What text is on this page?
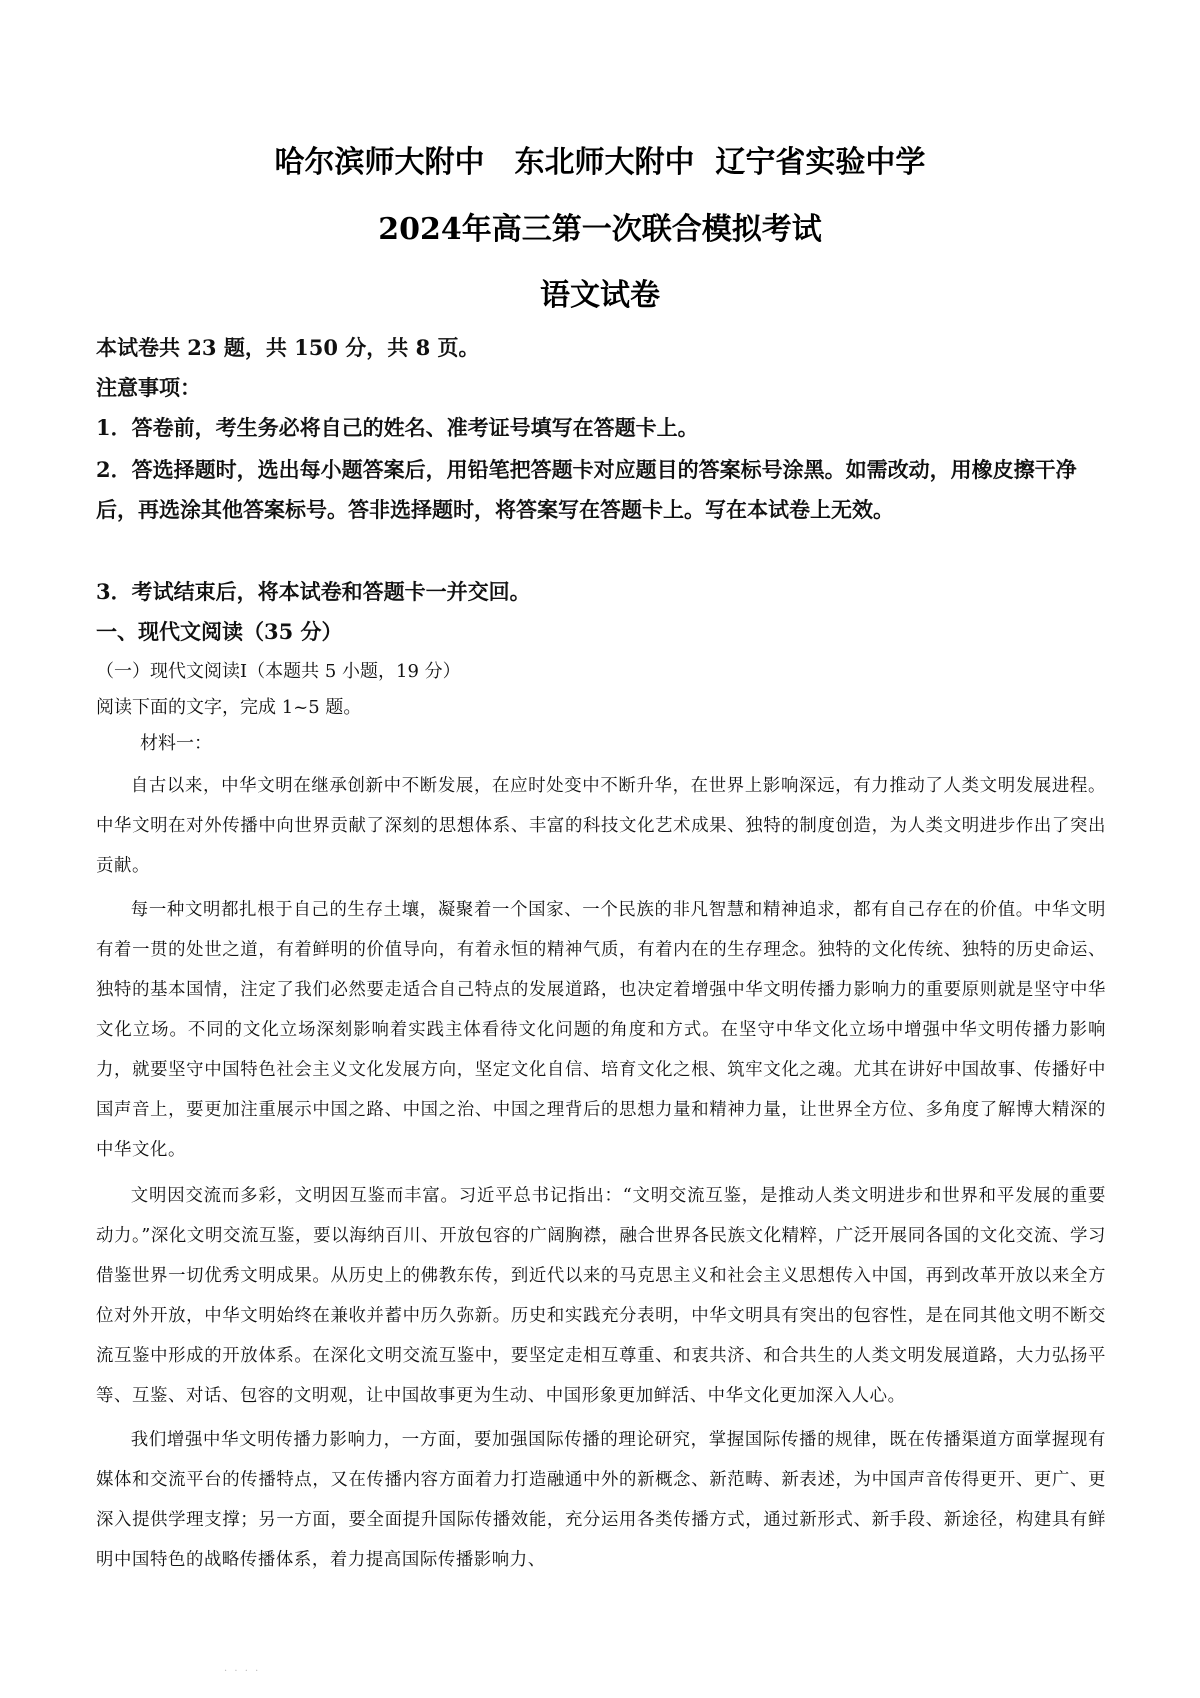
哈尔滨师大附中　东北师大附中  辽宁省实验中学
2024年高三第一次联合模拟考试
语文试卷

本试卷共 23 题，共 150 分，共 8 页。

注意事项：

1．答卷前，考生务必将自己的姓名、准考证号填写在答题卡上。

2．答选择题时，选出每小题答案后，用铅笔把答题卡对应题目的答案标号涂黑。如需改动，用橡皮擦干净后，再选涂其他答案标号。答非选择题时，将答案写在答题卡上。写在本试卷上无效。

3．考试结束后，将本试卷和答题卡一并交回。

一、现代文阅读（35 分）

（一）现代文阅读Ⅰ（本题共 5 小题，19 分）

阅读下面的文字，完成 1~5 题。

材料一：

自古以来，中华文明在继承创新中不断发展，在应时处变中不断升华，在世界上影响深远，有力推动了人类文明发展进程。中华文明在对外传播中向世界贡献了深刻的思想体系、丰富的科技文化艺术成果、独特的制度创造，为人类文明进步作出了突出贡献。

每一种文明都扎根于自己的生存土壤，凝聚着一个国家、一个民族的非凡智慧和精神追求，都有自己存在的价值。中华文明有着一贯的处世之道，有着鲜明的价值导向，有着永恒的精神气质，有着内在的生存理念。独特的文化传统、独特的历史命运、独特的基本国情，注定了我们必然要走适合自己特点的发展道路，也决定着增强中华文明传播力影响力的重要原则就是坚守中华文化立场。不同的文化立场深刻影响着实践主体看待文化问题的角度和方式。在坚守中华文化立场中增强中华文明传播力影响力，就要坚守中国特色社会主义文化发展方向，坚定文化自信、培育文化之根、筑牢文化之魂。尤其在讲好中国故事、传播好中国声音上，要更加注重展示中国之路、中国之治、中国之理背后的思想力量和精神力量，让世界全方位、多角度了解博大精深的中华文化。

文明因交流而多彩，文明因互鉴而丰富。习近平总书记指出：“文明交流互鉴，是推动人类文明进步和世界和平发展的重要动力。”深化文明交流互鉴，要以海纳百川、开放包容的广阔胸襟，融合世界各民族文化精粹，广泛开展同各国的文化交流、学习借鉴世界一切优秀文明成果。从历史上的佛教东传，到近代以来的马克思主义和社会主义思想传入中国，再到改革开放以来全方位对外开放，中华文明始终在兼收并蓄中历久弥新。历史和实践充分表明，中华文明具有突出的包容性，是在同其他文明不断交流互鉴中形成的开放体系。在深化文明交流互鉴中，要坚定走相互尊重、和衷共济、和合共生的人类文明发展道路，大力弘扬平等、互鉴、对话、包容的文明观，让中国故事更为生动、中国形象更加鲜活、中华文化更加深入人心。

我们增强中华文明传播力影响力，一方面，要加强国际传播的理论研究，掌握国际传播的规律，既在传播渠道方面掌握现有媒体和交流平台的传播特点，又在传播内容方面着力打造融通中外的新概念、新范畴、新表述，为中国声音传得更开、更广、更深入提供学理支撑；另一方面，要全面提升国际传播效能，充分运用各类传播方式，通过新形式、新手段、新途径，构建具有鲜明中国特色的战略传播体系，着力提高国际传播影响力、

· · · ·
